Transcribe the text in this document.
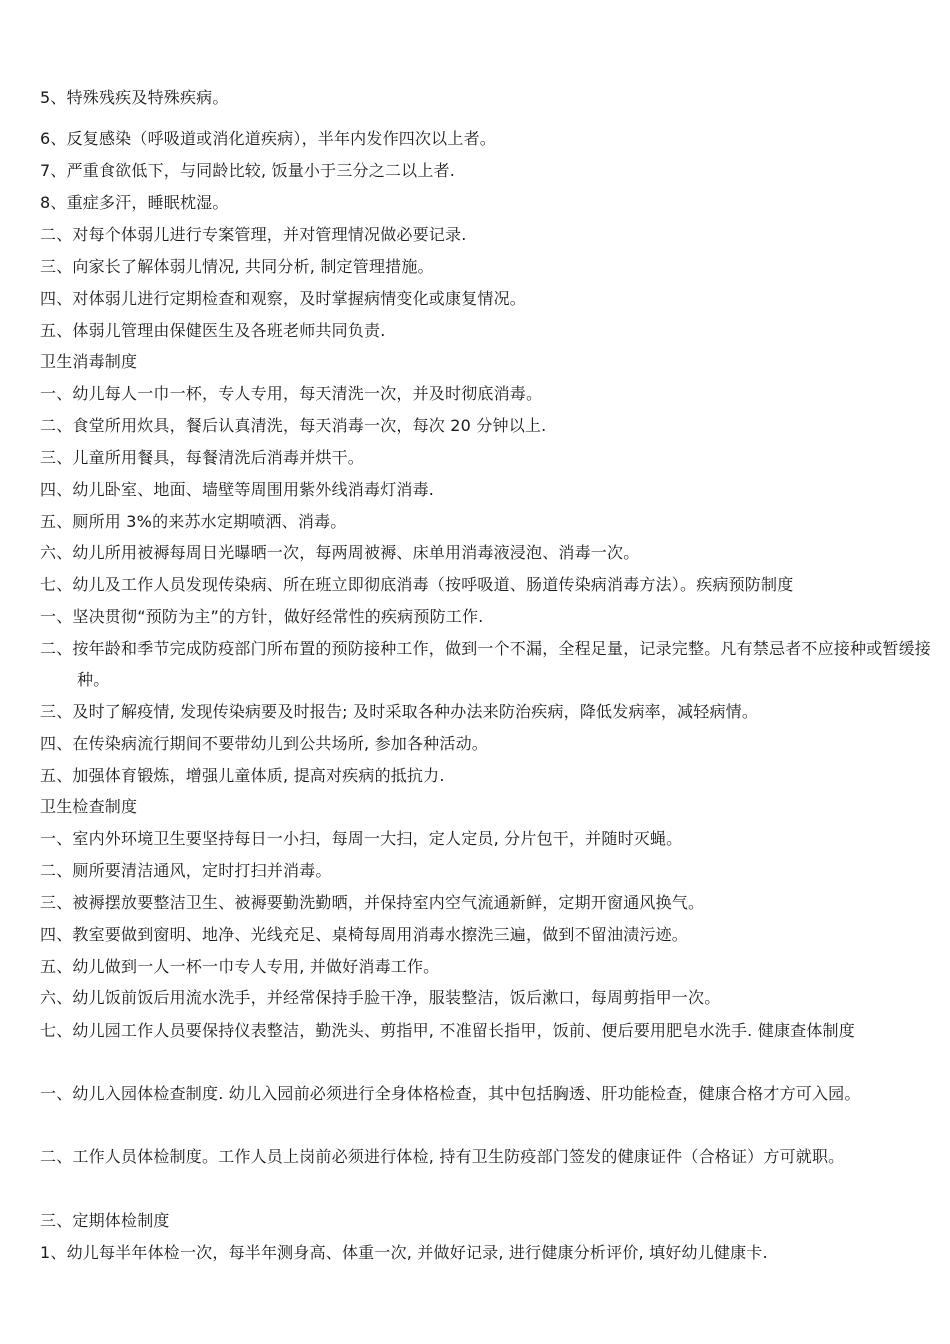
5、特殊残疾及特殊疾病。
6、反复感染（呼吸道或消化道疾病），半年内发作四次以上者。
7、严重食欲低下，与同龄比较, 饭量小于三分之二以上者.
8、重症多汗，睡眠枕湿。
二、对每个体弱儿进行专案管理，并对管理情况做必要记录.
三、向家长了解体弱儿情况, 共同分析, 制定管理措施。
四、对体弱儿进行定期检查和观察，及时掌握病情变化或康复情况。
五、体弱儿管理由保健医生及各班老师共同负责.
卫生消毒制度
一、幼儿每人一巾一杯，专人专用，每天清洗一次，并及时彻底消毒。
二、食堂所用炊具，餐后认真清洗，每天消毒一次，每次 20 分钟以上.
三、儿童所用餐具，每餐清洗后消毒并烘干。
四、幼儿卧室、地面、墙壁等周围用紫外线消毒灯消毒.
五、厕所用 3%的来苏水定期喷洒、消毒。
六、幼儿所用被褥每周日光曝晒一次，每两周被褥、床单用消毒液浸泡、消毒一次。
七、幼儿及工作人员发现传染病、所在班立即彻底消毒（按呼吸道、肠道传染病消毒方法）。疾病预防制度
一、坚决贯彻“预防为主”的方针，做好经常性的疾病预防工作.
二、按年龄和季节完成防疫部门所布置的预防接种工作，做到一个不漏，全程足量，记录完整。凡有禁忌者不应接种或暂缓接种。
三、及时了解疫情, 发现传染病要及时报告; 及时采取各种办法来防治疾病，降低发病率，减轻病情。
四、在传染病流行期间不要带幼儿到公共场所, 参加各种活动。
五、加强体育锻炼，增强儿童体质, 提高对疾病的抵抗力.
卫生检查制度
一、室内外环境卫生要坚持每日一小扫，每周一大扫，定人定员, 分片包干，并随时灭蝇。
二、厕所要清洁通风，定时打扫并消毒。
三、被褥摆放要整洁卫生、被褥要勤洗勤晒，并保持室内空气流通新鲜，定期开窗通风换气。
四、教室要做到窗明、地净、光线充足、桌椅每周用消毒水擦洗三遍，做到不留油渍污迹。
五、幼儿做到一人一杯一巾专人专用, 并做好消毒工作。
六、幼儿饭前饭后用流水洗手，并经常保持手脸干净，服装整洁，饭后漱口，每周剪指甲一次。
七、幼儿园工作人员要保持仪表整洁，勤洗头、剪指甲, 不准留长指甲，饭前、便后要用肥皂水洗手. 健康查体制度
一、幼儿入园体检查制度. 幼儿入园前必须进行全身体格检查，其中包括胸透、肝功能检查，健康合格才方可入园。
二、工作人员体检制度。工作人员上岗前必须进行体检, 持有卫生防疫部门签发的健康证件（合格证）方可就职。
三、定期体检制度
1、幼儿每半年体检一次，每半年测身高、体重一次, 并做好记录, 进行健康分析评价, 填好幼儿健康卡.
